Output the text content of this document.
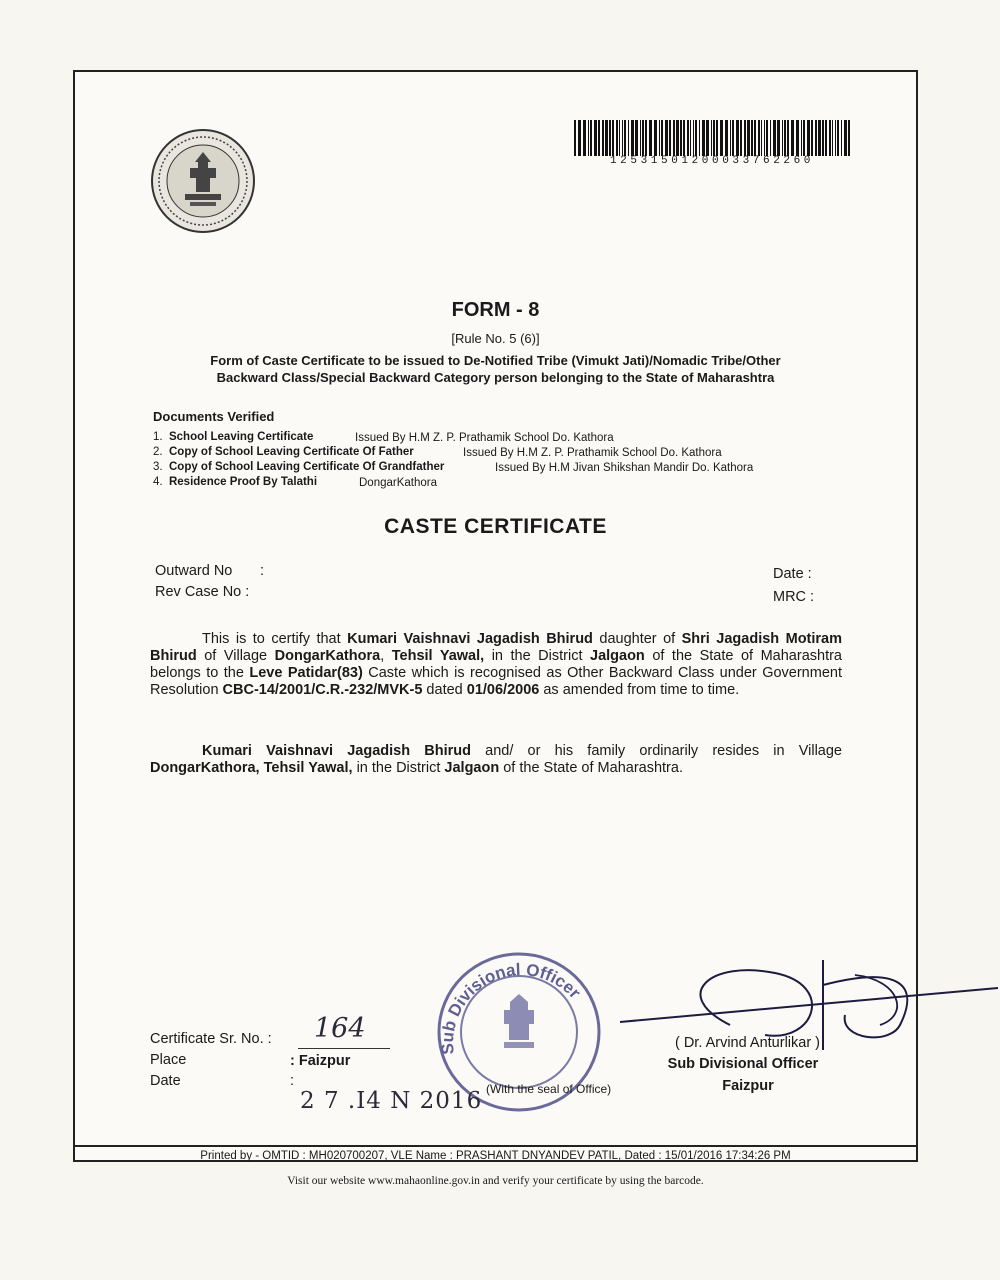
12531501200033762260
FORM - 8
[Rule No. 5 (6)]
Form of Caste Certificate to be issued to De-Notified Tribe (Vimukt Jati)/Nomadic Tribe/Other
Backward Class/Special Backward Category person belonging to the State of Maharashtra
Documents Verified
1. School Leaving Certificate	Issued By H.M Z. P. Prathamik School Do. Kathora
2. Copy of School Leaving Certificate Of Father	Issued By H.M Z. P. Prathamik School Do. Kathora
3. Copy of School Leaving Certificate Of Grandfather	Issued By H.M Jivan Shikshan Mandir Do. Kathora
4. Residence Proof By Talathi	DongarKathora
CASTE CERTIFICATE
Outward No :
Rev Case No :
Date :
MRC :
This is to certify that Kumari Vaishnavi Jagadish Bhirud daughter of Shri Jagadish Motiram Bhirud of Village DongarKathora, Tehsil Yawal, in the District Jalgaon of the State of Maharashtra belongs to the Leve Patidar(83) Caste which is recognised as Other Backward Class under Government Resolution CBC-14/2001/C.R.-232/MVK-5 dated 01/06/2006 as amended from time to time.
Kumari Vaishnavi Jagadish Bhirud and/ or his family ordinarily resides in Village DongarKathora, Tehsil Yawal, in the District Jalgaon of the State of Maharashtra.
Sub Divisional Officer
Certificate Sr. No. : 164
Place	: Faizpur
Date	:
2 7 .I4 N 2016 (With the seal of Office)
( Dr. Arvind Anturlikar )
Sub Divisional Officer
Faizpur
Printed by - OMTID : MH020700207, VLE Name : PRASHANT DNYANDEV PATIL, Dated : 15/01/2016 17:34:26 PM
Visit our website www.mahaonline.gov.in and verify your certificate by using the barcode.
